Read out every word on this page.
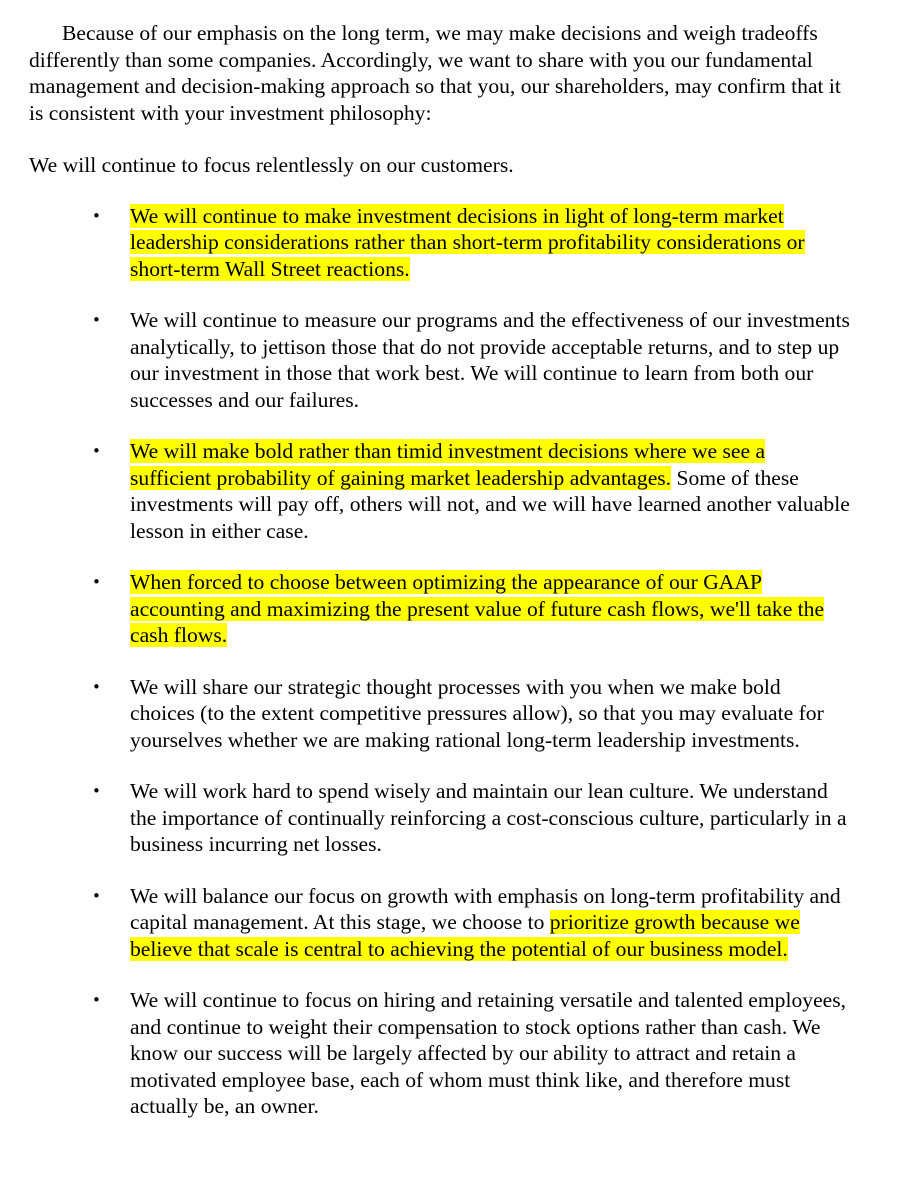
Because of our emphasis on the long term, we may make decisions and weigh tradeoffs differently than some companies. Accordingly, we want to share with you our fundamental management and decision-making approach so that you, our shareholders, may confirm that it is consistent with your investment philosophy:

We will continue to focus relentlessly on our customers.

• We will continue to make investment decisions in light of long-term market leadership considerations rather than short-term profitability considerations or short-term Wall Street reactions.
• We will continue to measure our programs and the effectiveness of our investments analytically, to jettison those that do not provide acceptable returns, and to step up our investment in those that work best. We will continue to learn from both our successes and our failures.
• We will make bold rather than timid investment decisions where we see a sufficient probability of gaining market leadership advantages. Some of these investments will pay off, others will not, and we will have learned another valuable lesson in either case.
• When forced to choose between optimizing the appearance of our GAAP accounting and maximizing the present value of future cash flows, we'll take the cash flows.
• We will share our strategic thought processes with you when we make bold choices (to the extent competitive pressures allow), so that you may evaluate for yourselves whether we are making rational long-term leadership investments.
• We will work hard to spend wisely and maintain our lean culture. We understand the importance of continually reinforcing a cost-conscious culture, particularly in a business incurring net losses.
• We will balance our focus on growth with emphasis on long-term profitability and capital management. At this stage, we choose to prioritize growth because we believe that scale is central to achieving the potential of our business model.
• We will continue to focus on hiring and retaining versatile and talented employees, and continue to weight their compensation to stock options rather than cash. We know our success will be largely affected by our ability to attract and retain a motivated employee base, each of whom must think like, and therefore must actually be, an owner.
